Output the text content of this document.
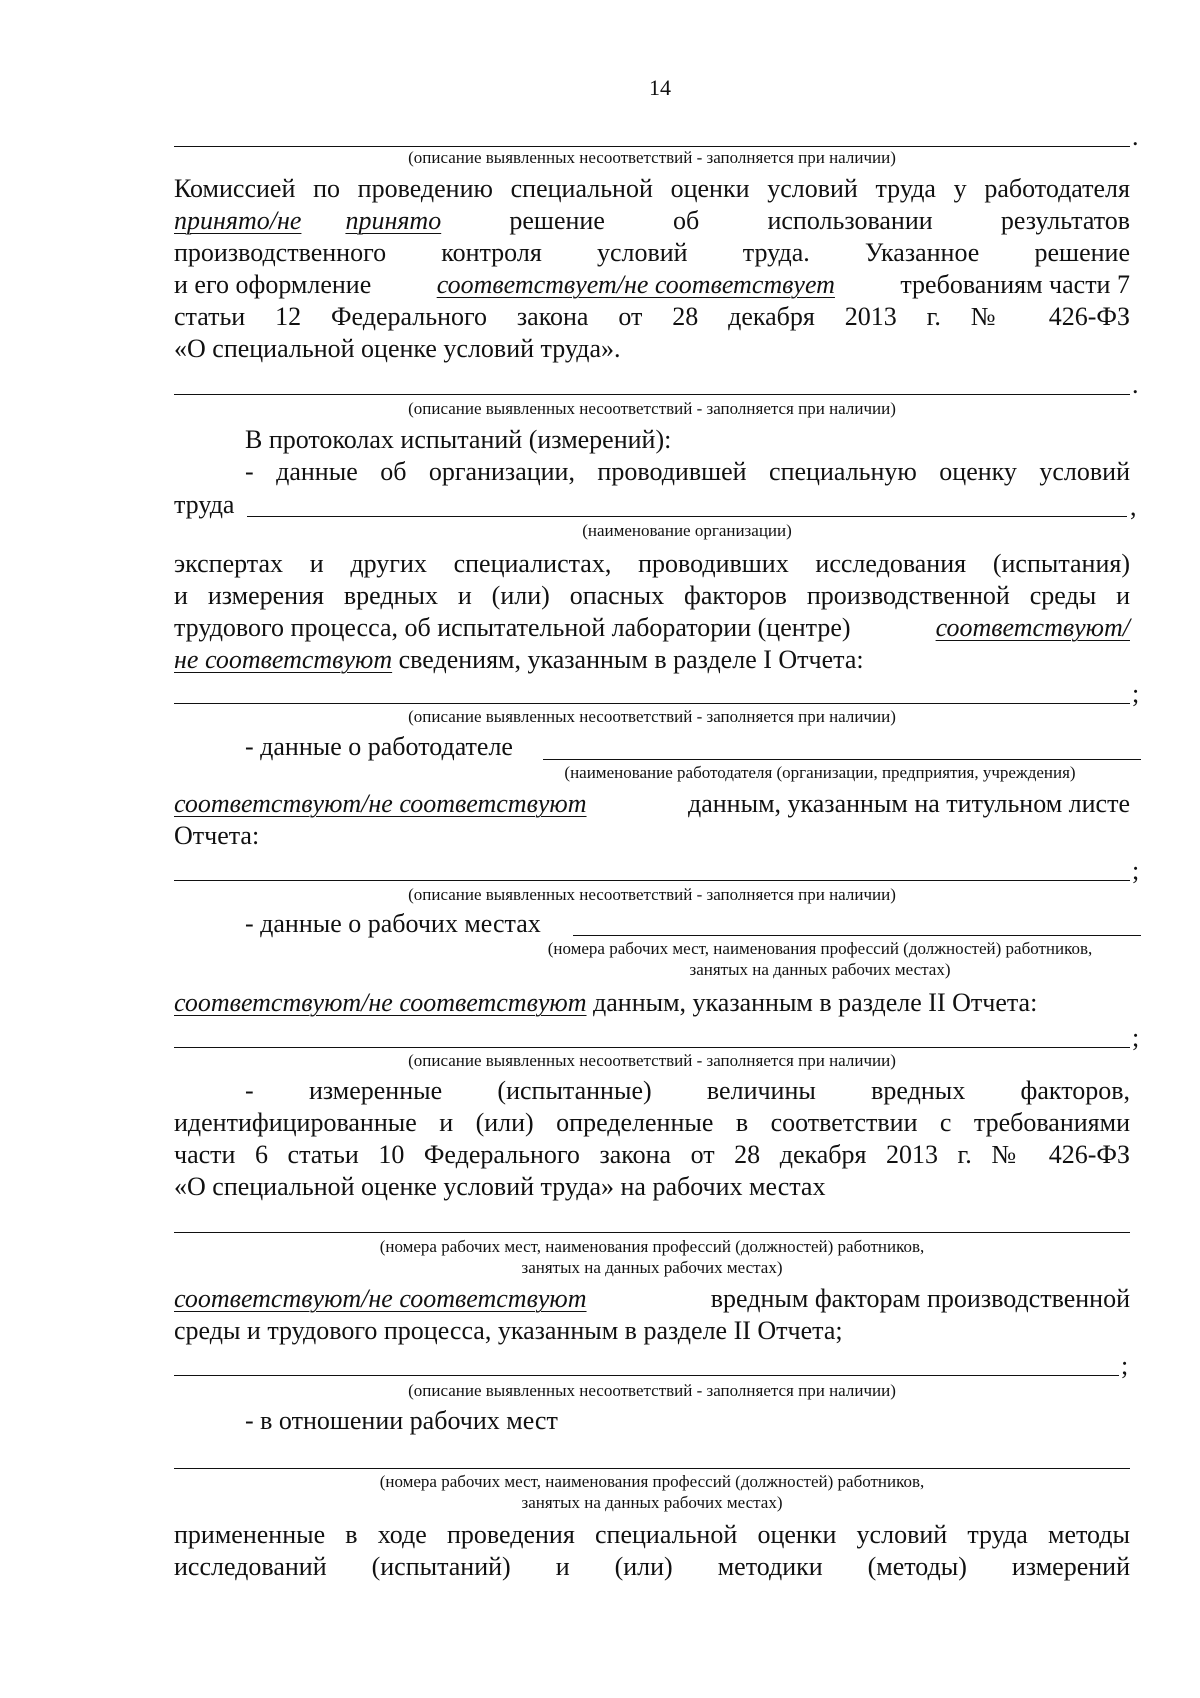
14
.
(описание выявленных несоответствий - заполняется при наличии)
Комиссией по проведению специальной оценки условий труда у работодателя
принято/не принято	решение	об	использовании	результатов
производственного контроля условий труда. Указанное решение
и его оформление	соответствует/не соответствует	требованиям части 7
статьи 12 Федерального закона от 28 декабря 2013 г. № 426-ФЗ
«О специальной оценке условий труда».
.
(описание выявленных несоответствий - заполняется при наличии)
В протоколах испытаний (измерений):
- данные об организации, проводившей специальную оценку условий
труда	,
(наименование организации)
экспертах и других специалистах, проводивших исследования (испытания)
и измерения вредных и (или) опасных факторов производственной среды и
трудового процесса, об испытательной лаборатории (центре)	соответствуют/
не соответствуют сведениям, указанным в разделе I Отчета:
;
(описание выявленных несоответствий - заполняется при наличии)
- данные о работодателе
(наименование работодателя (организации, предприятия, учреждения)
соответствуют/не соответствуют	данным, указанным на титульном листе
Отчета:
;
(описание выявленных несоответствий - заполняется при наличии)
- данные о рабочих местах
(номера рабочих мест, наименования профессий (должностей) работников,
занятых на данных рабочих местах)
соответствуют/не соответствуют данным, указанным в разделе II Отчета:
;
(описание выявленных несоответствий - заполняется при наличии)
- измеренные (испытанные) величины вредных факторов,
идентифицированные и (или) определенные в соответствии с требованиями
части 6 статьи 10 Федерального закона от 28 декабря 2013 г. № 426-ФЗ
«О специальной оценке условий труда» на рабочих местах
(номера рабочих мест, наименования профессий (должностей) работников,
занятых на данных рабочих местах)
соответствуют/не соответствуют	вредным факторам производственной
среды и трудового процесса, указанным в разделе II Отчета;
;
(описание выявленных несоответствий - заполняется при наличии)
- в отношении рабочих мест
(номера рабочих мест, наименования профессий (должностей) работников,
занятых на данных рабочих местах)
примененные в ходе проведения специальной оценки условий труда методы
исследований (испытаний) и (или) методики (методы) измерений
